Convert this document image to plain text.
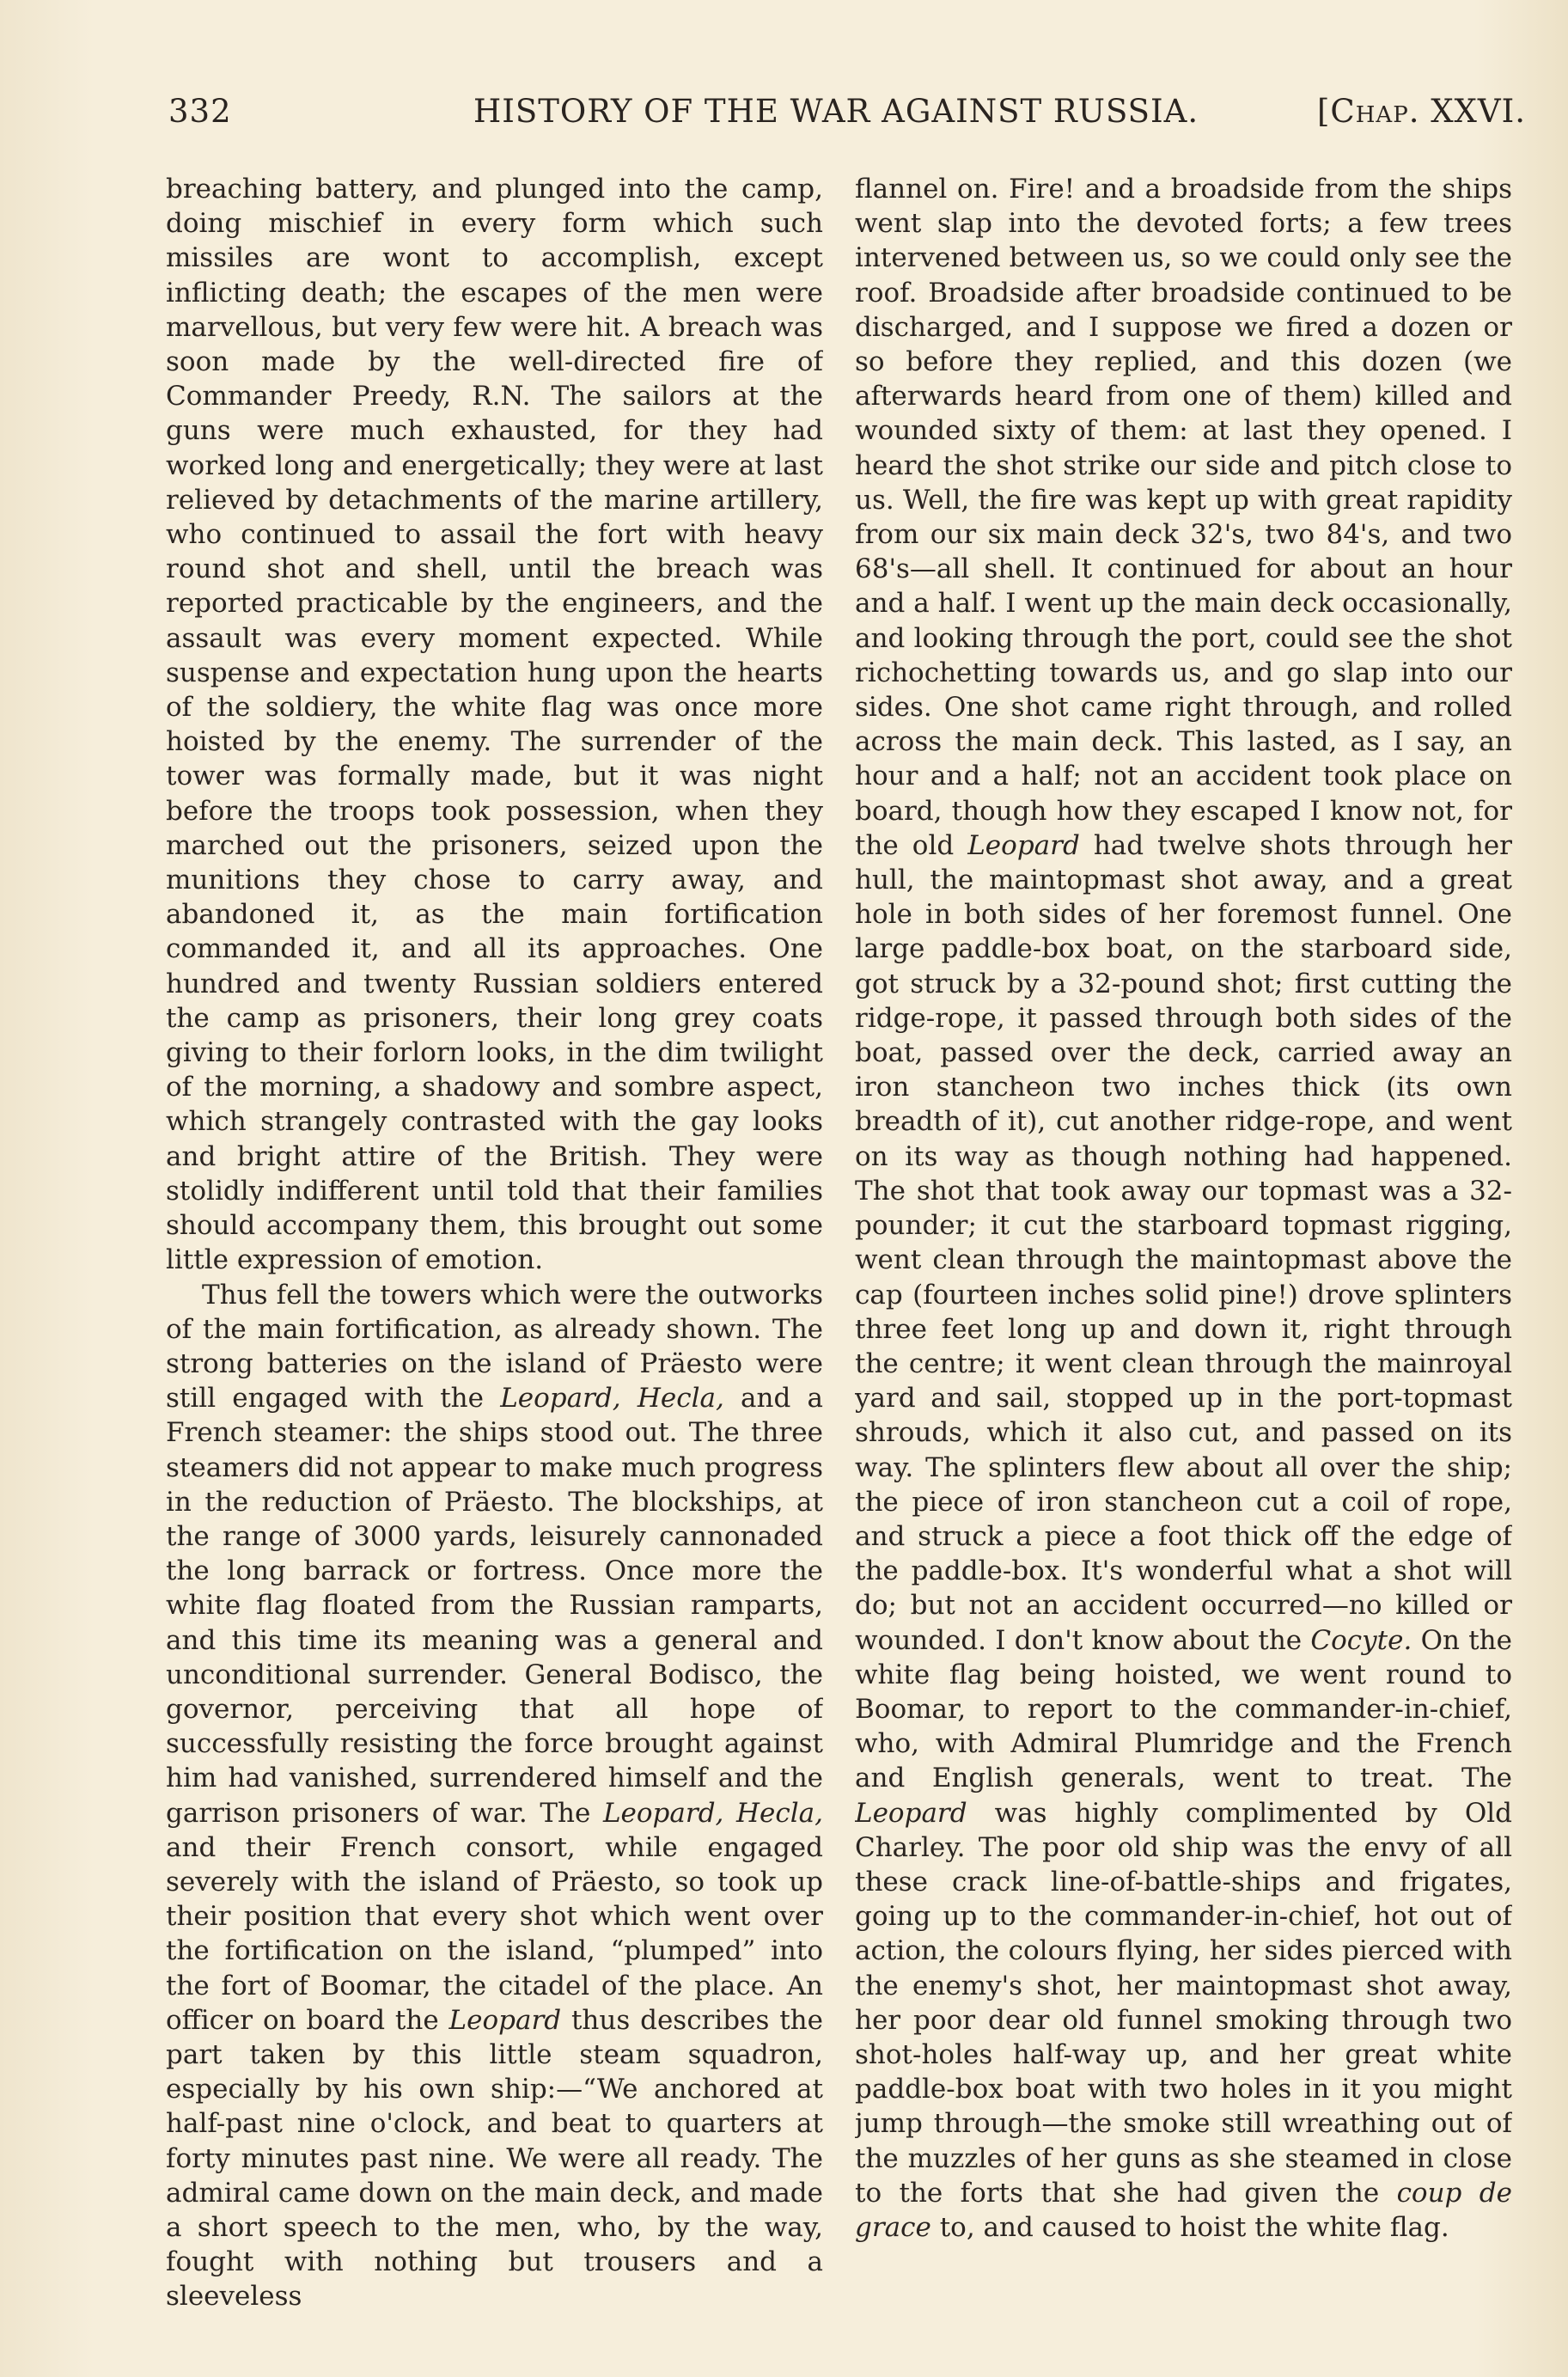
332	HISTORY OF THE WAR AGAINST RUSSIA.	[Chap. XXVI.

breaching battery, and plunged into the camp, doing mischief in every form which such missiles are wont to accomplish, except inflicting death; the escapes of the men were marvellous, but very few were hit. A breach was soon made by the well-directed fire of Commander Preedy, R.N. The sailors at the guns were much exhausted, for they had worked long and energetically; they were at last relieved by detachments of the marine artillery, who continued to assail the fort with heavy round shot and shell, until the breach was reported practicable by the engineers, and the assault was every moment expected. While suspense and expectation hung upon the hearts of the soldiery, the white flag was once more hoisted by the enemy. The surrender of the tower was formally made, but it was night before the troops took possession, when they marched out the prisoners, seized upon the munitions they chose to carry away, and abandoned it, as the main fortification commanded it, and all its approaches. One hundred and twenty Russian soldiers entered the camp as prisoners, their long grey coats giving to their forlorn looks, in the dim twilight of the morning, a shadowy and sombre aspect, which strangely contrasted with the gay looks and bright attire of the British. They were stolidly indifferent until told that their families should accompany them, this brought out some little expression of emotion.

Thus fell the towers which were the outworks of the main fortification, as already shown. The strong batteries on the island of Präesto were still engaged with the Leopard, Hecla, and a French steamer: the ships stood out. The three steamers did not appear to make much progress in the reduction of Präesto. The blockships, at the range of 3000 yards, leisurely cannonaded the long barrack or fortress. Once more the white flag floated from the Russian ramparts, and this time its meaning was a general and unconditional surrender. General Bodisco, the governor, perceiving that all hope of successfully resisting the force brought against him had vanished, surrendered himself and the garrison prisoners of war. The Leopard, Hecla, and their French consort, while engaged severely with the island of Präesto, so took up their position that every shot which went over the fortification on the island, “plumped” into the fort of Boomar, the citadel of the place. An officer on board the Leopard thus describes the part taken by this little steam squadron, especially by his own ship:—“We anchored at half-past nine o'clock, and beat to quarters at forty minutes past nine. We were all ready. The admiral came down on the main deck, and made a short speech to the men, who, by the way, fought with nothing but trousers and a sleeveless

flannel on. Fire! and a broadside from the ships went slap into the devoted forts; a few trees intervened between us, so we could only see the roof. Broadside after broadside continued to be discharged, and I suppose we fired a dozen or so before they replied, and this dozen (we afterwards heard from one of them) killed and wounded sixty of them: at last they opened. I heard the shot strike our side and pitch close to us. Well, the fire was kept up with great rapidity from our six main deck 32's, two 84's, and two 68's—all shell. It continued for about an hour and a half. I went up the main deck occasionally, and looking through the port, could see the shot richochetting towards us, and go slap into our sides. One shot came right through, and rolled across the main deck. This lasted, as I say, an hour and a half; not an accident took place on board, though how they escaped I know not, for the old Leopard had twelve shots through her hull, the maintopmast shot away, and a great hole in both sides of her foremost funnel. One large paddle-box boat, on the starboard side, got struck by a 32-pound shot; first cutting the ridge-rope, it passed through both sides of the boat, passed over the deck, carried away an iron stancheon two inches thick (its own breadth of it), cut another ridge-rope, and went on its way as though nothing had happened. The shot that took away our topmast was a 32-pounder; it cut the starboard topmast rigging, went clean through the maintopmast above the cap (fourteen inches solid pine!) drove splinters three feet long up and down it, right through the centre; it went clean through the mainroyal yard and sail, stopped up in the port-topmast shrouds, which it also cut, and passed on its way. The splinters flew about all over the ship; the piece of iron stancheon cut a coil of rope, and struck a piece a foot thick off the edge of the paddle-box. It's wonderful what a shot will do; but not an accident occurred—no killed or wounded. I don't know about the Cocyte. On the white flag being hoisted, we went round to Boomar, to report to the commander-in-chief, who, with Admiral Plumridge and the French and English generals, went to treat. The Leopard was highly complimented by Old Charley. The poor old ship was the envy of all these crack line-of-battle-ships and frigates, going up to the commander-in-chief, hot out of action, the colours flying, her sides pierced with the enemy's shot, her maintopmast shot away, her poor dear old funnel smoking through two shot-holes half-way up, and her great white paddle-box boat with two holes in it you might jump through—the smoke still wreathing out of the muzzles of her guns as she steamed in close to the forts that she had given the coup de grace to, and caused to hoist the white flag.
